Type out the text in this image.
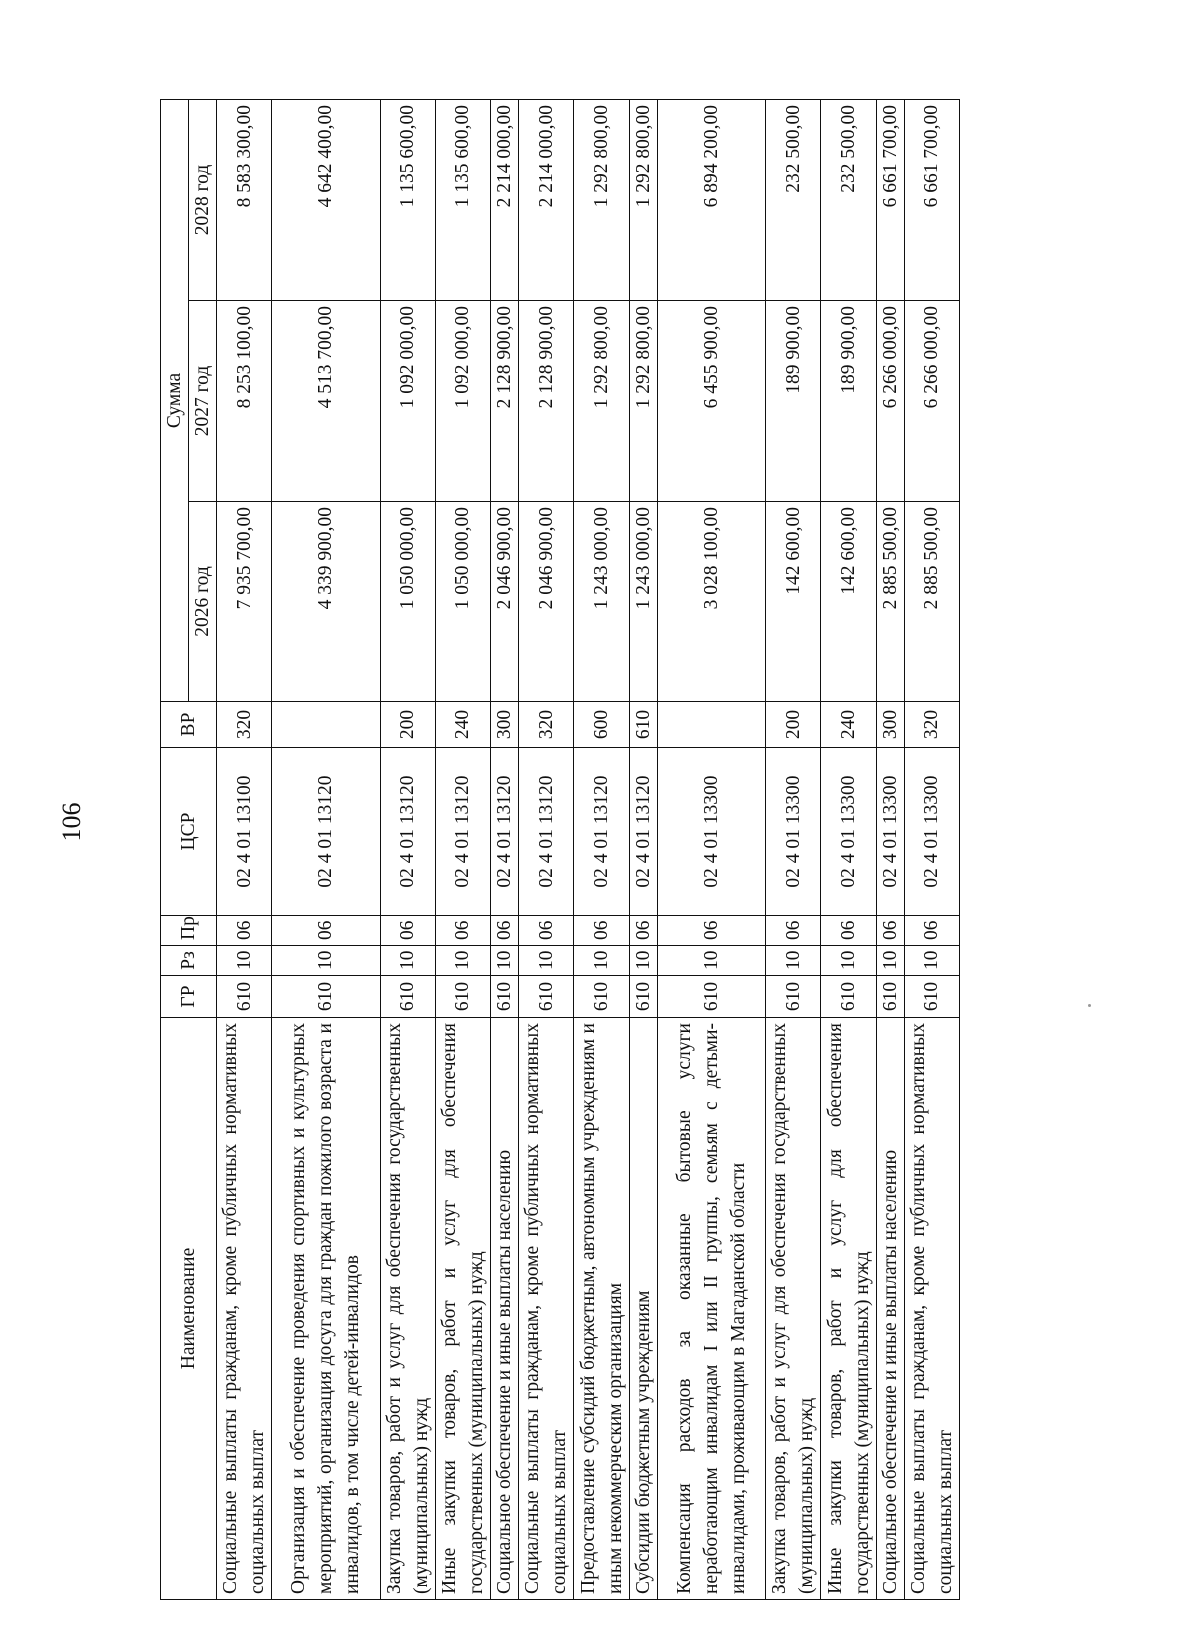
106
Наименование	ГР	Рз	Пр	ЦСР	ВР	Сумма		
						2026 год	2027 год	2028 год
Социальные выплаты гражданам, кроме публичных нормативных социальных выплат	610	10	06	02 4 01 13100	320	7 935 700,00	8 253 100,00	8 583 300,00
Организация и обеспечение проведения спортивных и культурных мероприятий, организация досуга для граждан пожилого возраста и инвалидов, в том числе детей-инвалидов	610	10	06	02 4 01 13120		4 339 900,00	4 513 700,00	4 642 400,00
Закупка товаров, работ и услуг для обеспечения государственных (муниципальных) нужд	610	10	06	02 4 01 13120	200	1 050 000,00	1 092 000,00	1 135 600,00
Иные закупки товаров, работ и услуг для обеспечения государственных (муниципальных) нужд	610	10	06	02 4 01 13120	240	1 050 000,00	1 092 000,00	1 135 600,00
Социальное обеспечение и иные выплаты населению	610	10	06	02 4 01 13120	300	2 046 900,00	2 128 900,00	2 214 000,00
Социальные выплаты гражданам, кроме публичных нормативных социальных выплат	610	10	06	02 4 01 13120	320	2 046 900,00	2 128 900,00	2 214 000,00
Предоставление субсидий бюджетным, автономным учреждениям и иным некоммерческим организациям	610	10	06	02 4 01 13120	600	1 243 000,00	1 292 800,00	1 292 800,00
Субсидии бюджетным учреждениям	610	10	06	02 4 01 13120	610	1 243 000,00	1 292 800,00	1 292 800,00
Компенсация расходов за оказанные бытовые услуги неработающим инвалидам I или II группы, семьям с детьми-инвалидами, проживающим в Магаданской области	610	10	06	02 4 01 13300		3 028 100,00	6 455 900,00	6 894 200,00
Закупка товаров, работ и услуг для обеспечения государственных (муниципальных) нужд	610	10	06	02 4 01 13300	200	142 600,00	189 900,00	232 500,00
Иные закупки товаров, работ и услуг для обеспечения государственных (муниципальных) нужд	610	10	06	02 4 01 13300	240	142 600,00	189 900,00	232 500,00
Социальное обеспечение и иные выплаты населению	610	10	06	02 4 01 13300	300	2 885 500,00	6 266 000,00	6 661 700,00
Социальные выплаты гражданам, кроме публичных нормативных социальных выплат	610	10	06	02 4 01 13300	320	2 885 500,00	6 266 000,00	6 661 700,00
